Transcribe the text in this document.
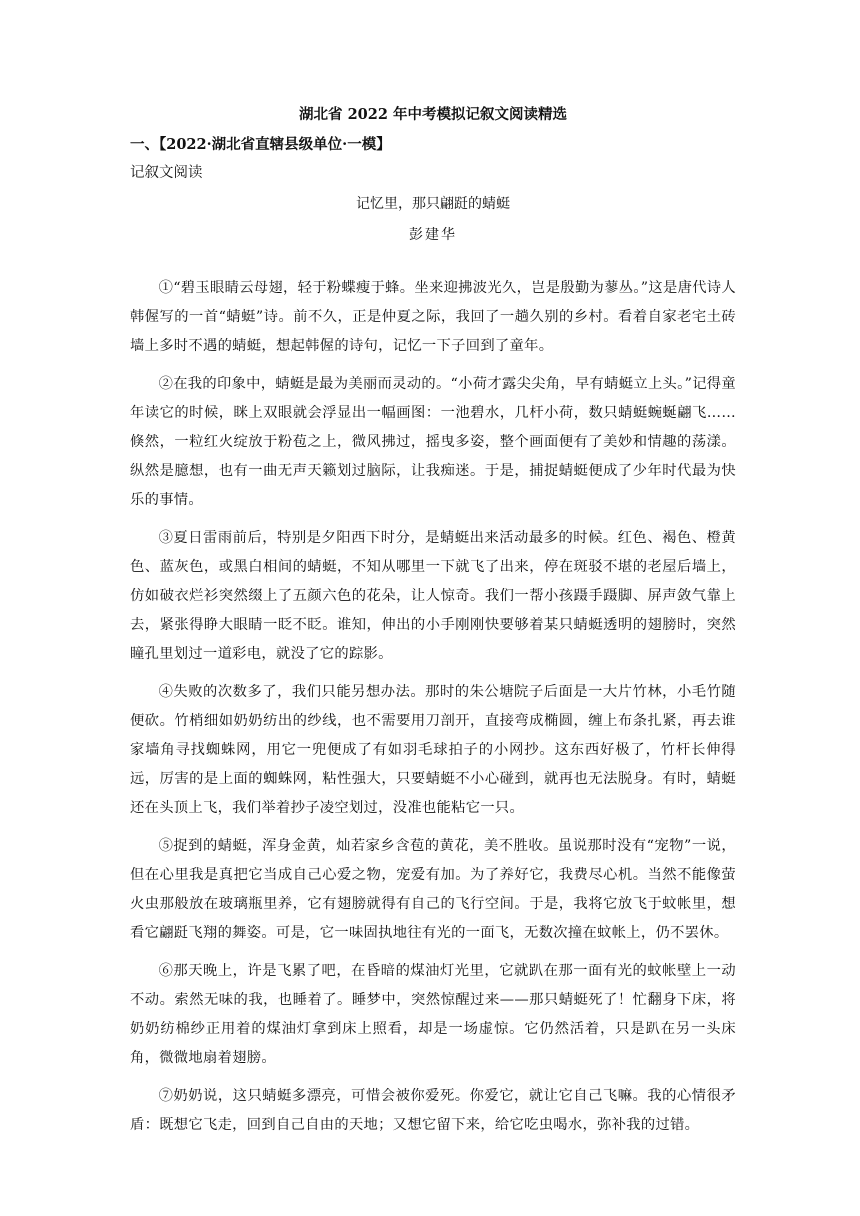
湖北省 2022 年中考模拟记叙文阅读精选
一、【2022·湖北省直辖县级单位·一模】
记叙文阅读
记忆里，那只翩跹的蜻蜓
彭建华

①“碧玉眼睛云母翅，轻于粉蝶瘦于蜂。坐来迎拂波光久，岂是殷勤为蓼丛。”这是唐代诗人韩偓写的一首“蜻蜓”诗。前不久，正是仲夏之际，我回了一趟久别的乡村。看着自家老宅土砖墙上多时不遇的蜻蜓，想起韩偓的诗句，记忆一下子回到了童年。

②在我的印象中，蜻蜓是最为美丽而灵动的。“小荷才露尖尖角，早有蜻蜓立上头。”记得童年读它的时候，眯上双眼就会浮显出一幅画图：一池碧水，几杆小荷，数只蜻蜓蜿蜒翩飞……倏然，一粒红火绽放于粉苞之上，微风拂过，摇曳多姿，整个画面便有了美妙和情趣的荡漾。纵然是臆想，也有一曲无声天籁划过脑际，让我痴迷。于是，捕捉蜻蜓便成了少年时代最为快乐的事情。

③夏日雷雨前后，特别是夕阳西下时分，是蜻蜓出来活动最多的时候。红色、褐色、橙黄色、蓝灰色，或黑白相间的蜻蜓，不知从哪里一下就飞了出来，停在斑驳不堪的老屋后墙上，仿如破衣烂衫突然缀上了五颜六色的花朵，让人惊奇。我们一帮小孩蹑手蹑脚、屏声敛气靠上去，紧张得睁大眼睛一眨不眨。谁知，伸出的小手刚刚快要够着某只蜻蜓透明的翅膀时，突然瞳孔里划过一道彩电，就没了它的踪影。

④失败的次数多了，我们只能另想办法。那时的朱公塘院子后面是一大片竹林，小毛竹随便砍。竹梢细如奶奶纺出的纱线，也不需要用刀剖开，直接弯成椭圆，缠上布条扎紧，再去谁家墙角寻找蜘蛛网，用它一兜便成了有如羽毛球拍子的小网抄。这东西好极了，竹杆长伸得远，厉害的是上面的蜘蛛网，粘性强大，只要蜻蜓不小心碰到，就再也无法脱身。有时，蜻蜓还在头顶上飞，我们举着抄子凌空划过，没准也能粘它一只。

⑤捉到的蜻蜓，浑身金黄，灿若家乡含苞的黄花，美不胜收。虽说那时没有“宠物”一说，但在心里我是真把它当成自己心爱之物，宠爱有加。为了养好它，我费尽心机。当然不能像萤火虫那般放在玻璃瓶里养，它有翅膀就得有自己的飞行空间。于是，我将它放飞于蚊帐里，想看它翩跹飞翔的舞姿。可是，它一味固执地往有光的一面飞，无数次撞在蚊帐上，仍不罢休。

⑥那天晚上，许是飞累了吧，在昏暗的煤油灯光里，它就趴在那一面有光的蚊帐壁上一动不动。索然无味的我，也睡着了。睡梦中，突然惊醒过来——那只蜻蜓死了！忙翻身下床，将奶奶纺棉纱正用着的煤油灯拿到床上照看，却是一场虚惊。它仍然活着，只是趴在另一头床角，微微地扇着翅膀。

⑦奶奶说，这只蜻蜓多漂亮，可惜会被你爱死。你爱它，就让它自己飞嘛。我的心情很矛盾：既想它飞走，回到自己自由的天地；又想它留下来，给它吃虫喝水，弥补我的过错。
